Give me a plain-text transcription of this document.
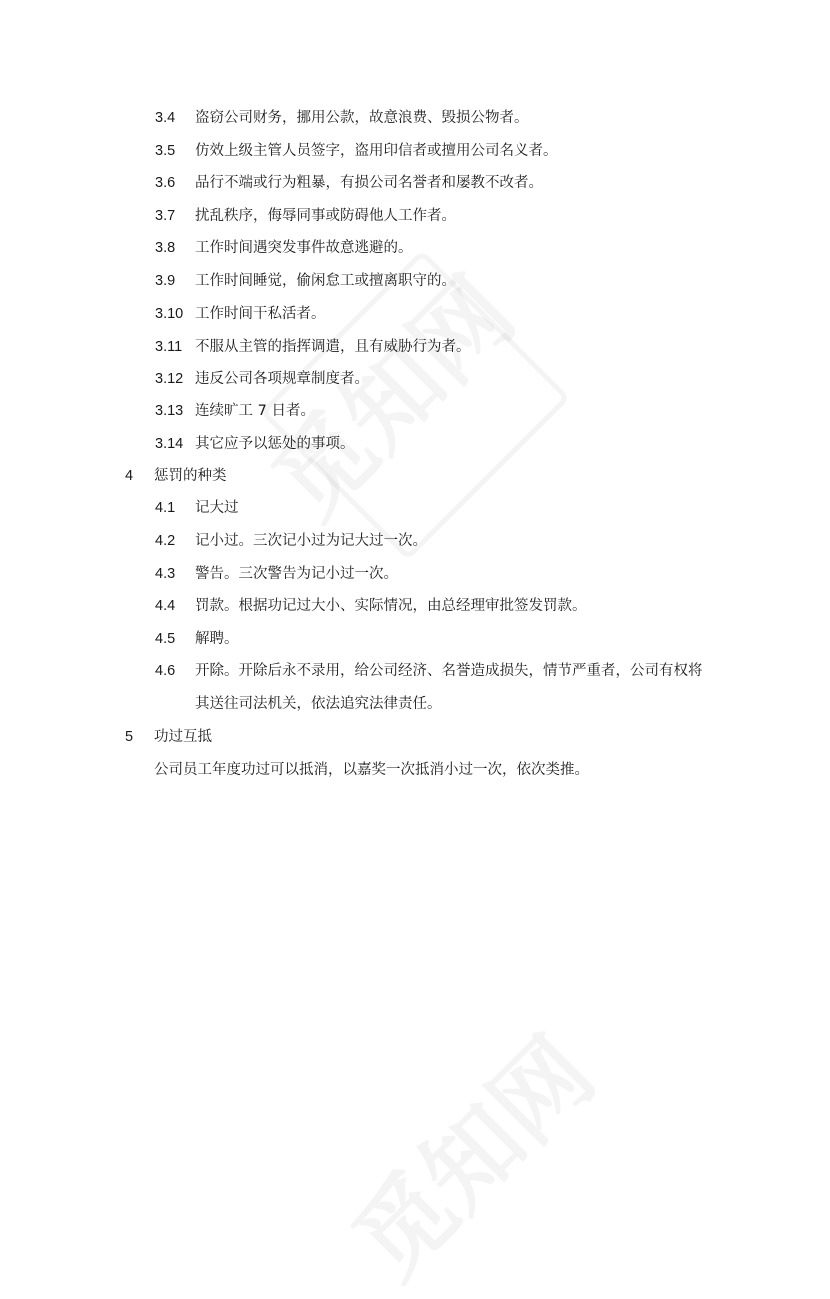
3.4 盗窃公司财务，挪用公款，故意浪费、毁损公物者。
3.5 仿效上级主管人员签字，盗用印信者或擅用公司名义者。
3.6 品行不端或行为粗暴，有损公司名誉者和屡教不改者。
3.7 扰乱秩序，侮辱同事或防碍他人工作者。
3.8 工作时间遇突发事件故意逃避的。
3.9 工作时间睡觉，偷闲怠工或擅离职守的。
3.10 工作时间干私活者。
3.11 不服从主管的指挥调遣，且有威胁行为者。
3.12 违反公司各项规章制度者。
3.13 连续旷工 7 日者。
3.14 其它应予以惩处的事项。
4 惩罚的种类
4.1 记大过
4.2 记小过。三次记小过为记大过一次。
4.3 警告。三次警告为记小过一次。
4.4 罚款。根据功记过大小、实际情况，由总经理审批签发罚款。
4.5 解聘。
4.6 开除。开除后永不录用，给公司经济、名誉造成损失，情节严重者，公司有权将
其送往司法机关，依法追究法律责任。
5 功过互抵
公司员工年度功过可以抵消，以嘉奖一次抵消小过一次，依次类推。
